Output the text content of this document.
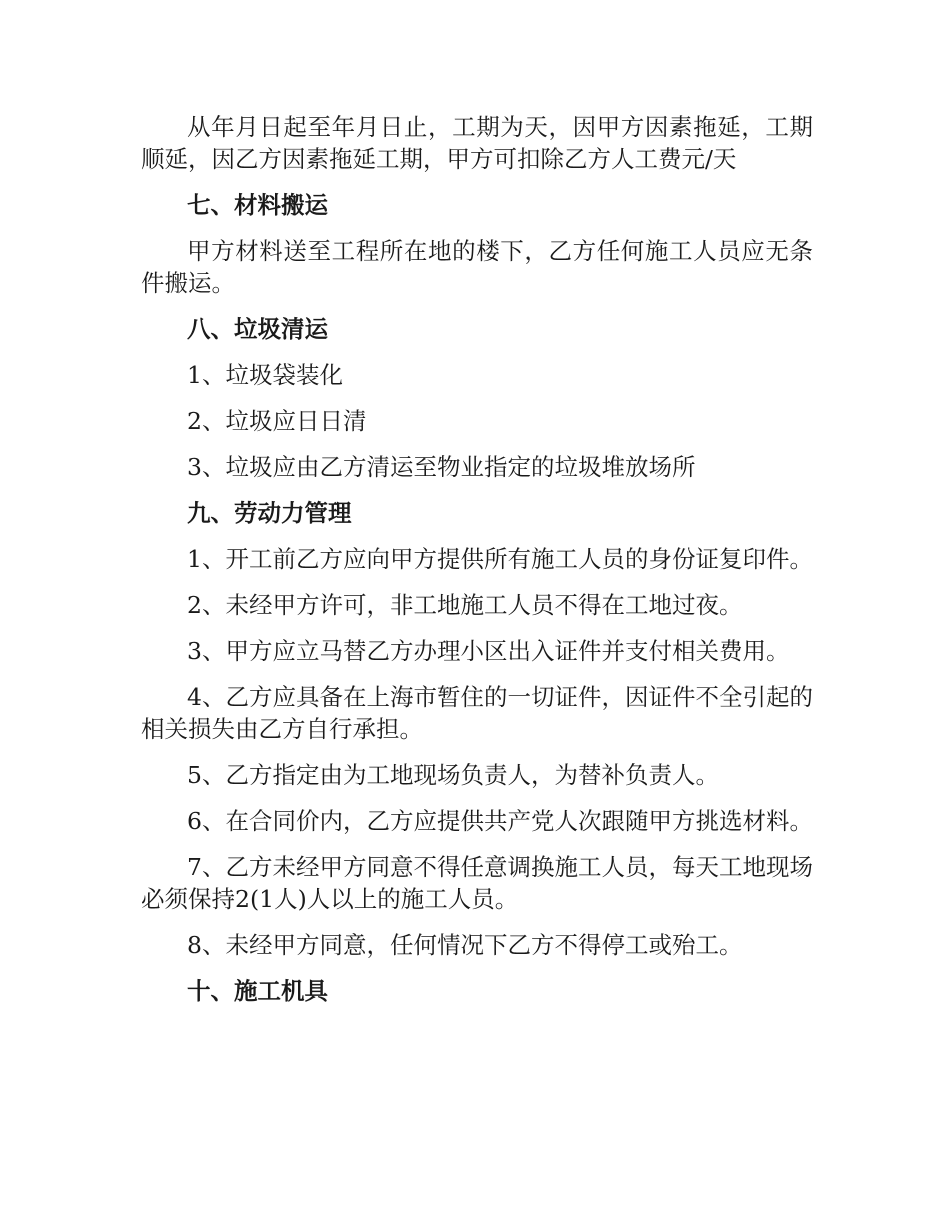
从年月日起至年月日止，工期为天，因甲方因素拖延，工期顺延，因乙方因素拖延工期，甲方可扣除乙方人工费元/天

七、材料搬运

甲方材料送至工程所在地的楼下，乙方任何施工人员应无条件搬运。

八、垃圾清运

1、垃圾袋装化

2、垃圾应日日清

3、垃圾应由乙方清运至物业指定的垃圾堆放场所

九、劳动力管理

1、开工前乙方应向甲方提供所有施工人员的身份证复印件。

2、未经甲方许可，非工地施工人员不得在工地过夜。

3、甲方应立马替乙方办理小区出入证件并支付相关费用。

4、乙方应具备在上海市暂住的一切证件，因证件不全引起的相关损失由乙方自行承担。

5、乙方指定由为工地现场负责人，为替补负责人。

6、在合同价内，乙方应提供共产党人次跟随甲方挑选材料。

7、乙方未经甲方同意不得任意调换施工人员，每天工地现场必须保持2(1人)人以上的施工人员。

8、未经甲方同意，任何情况下乙方不得停工或殆工。

十、施工机具
